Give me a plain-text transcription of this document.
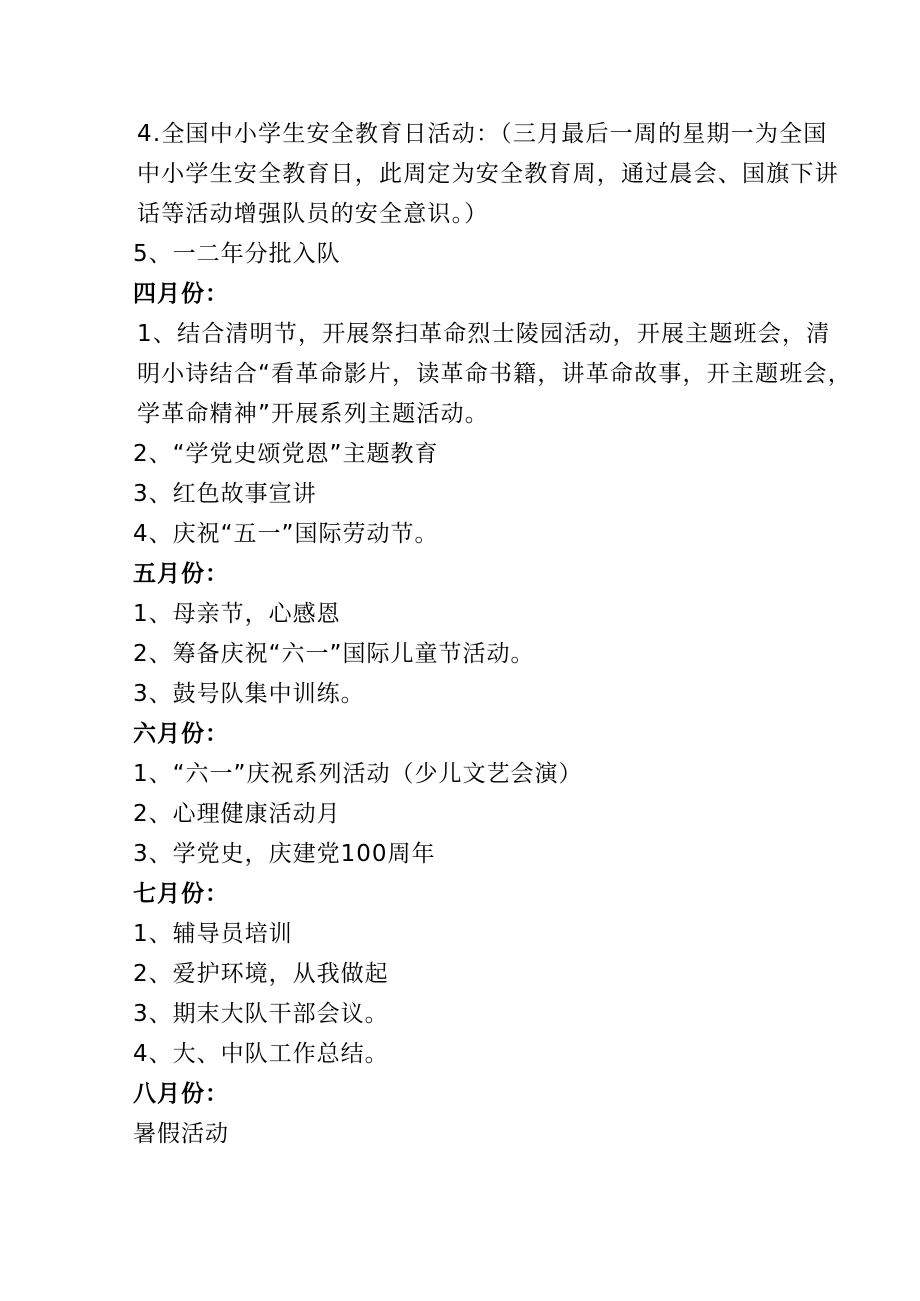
4.全国中小学生安全教育日活动：（三月最后一周的星期一为全国
中小学生安全教育日，此周定为安全教育周，通过晨会、国旗下讲
话等活动增强队员的安全意识。）
5、一二年分批入队
四月份：
1、结合清明节，开展祭扫革命烈士陵园活动，开展主题班会，清
明小诗结合“看革命影片，读革命书籍，讲革命故事，开主题班会，
学革命精神”开展系列主题活动。
2、“学党史颂党恩”主题教育
3、红色故事宣讲
4、庆祝“五一”国际劳动节。
五月份：
1、母亲节，心感恩
2、筹备庆祝“六一”国际儿童节活动。
3、鼓号队集中训练。
六月份：
1、“六一”庆祝系列活动（少儿文艺会演）
2、心理健康活动月
3、学党史，庆建党100周年
七月份：
1、辅导员培训
2、爱护环境，从我做起
3、期末大队干部会议。
4、大、中队工作总结。
八月份：
暑假活动
